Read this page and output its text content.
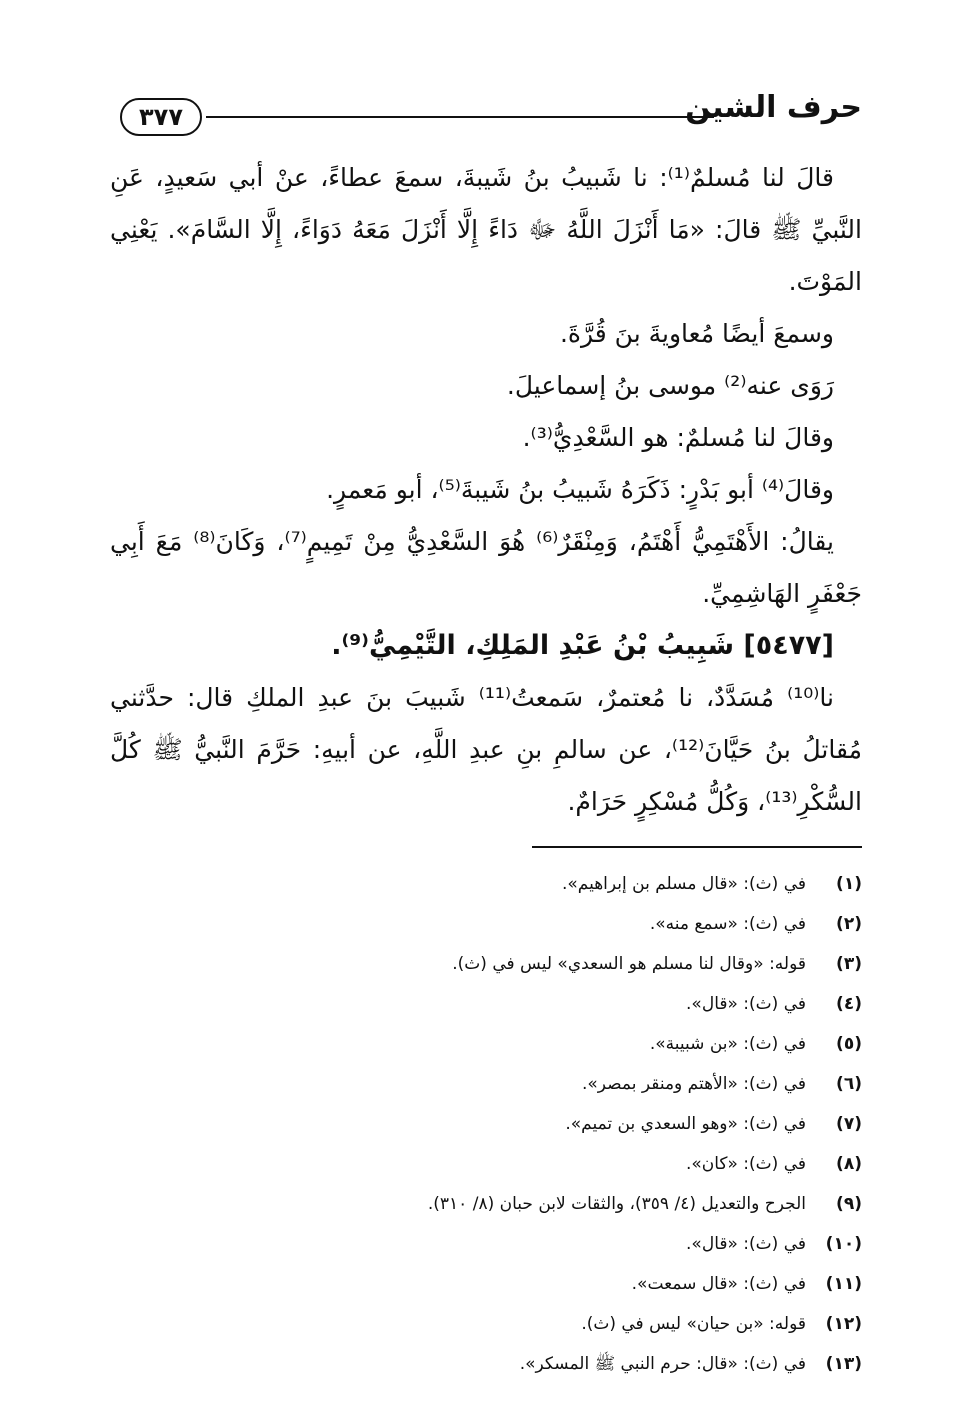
٣٧٧	حرف الشين

قالَ لنا مُسلمٌ⁽¹⁾: نا شَبيبُ بنُ شَيبةَ، سمعَ عطاءً، عنْ أبي سَعيدٍ، عَنِ النَّبيِّ ﷺ قالَ: «مَا أَنْزَلَ اللَّهُ ﷻ دَاءً إِلَّا أَنْزَلَ مَعَهُ دَوَاءً، إِلَّا السَّامَ». يَعْنِي المَوْتَ.

وسمعَ أيضًا مُعاويةَ بنَ قُرَّةَ.

رَوَى عنه⁽²⁾ موسى بنُ إسماعيلَ.

وقالَ لنا مُسلمٌ: هو السَّعْدِيُّ⁽³⁾.

وقالَ⁽⁴⁾ أبو بَدْرٍ: ذَكَرَهُ شَبيبُ بنُ شَيبةَ⁽⁵⁾، أبو مَعمرٍ.

يقالُ: الأَهْتَمِيُّ أَهْتَمُ، وَمِنْقَرٌ⁽⁶⁾ هُوَ السَّعْدِيُّ مِنْ تَمِيمٍ⁽⁷⁾، وَكَانَ⁽⁸⁾ مَعَ أَبِي جَعْفَرٍ الهَاشِمِيِّ.

[٥٤٧٧] شَبِيبُ بْنُ عَبْدِ المَلِكِ، التَّيْمِيُّ⁽⁹⁾.

نا⁽¹⁰⁾ مُسَدَّدٌ، نا مُعتمرٌ، سَمعتُ⁽¹¹⁾ شَبيبَ بنَ عبدِ الملكِ قال: حدَّثني مُقاتلُ بنُ حَيَّانَ⁽¹²⁾، عن سالمِ بنِ عبدِ اللَّهِ، عن أبيهِ: حَرَّمَ النَّبيُّ ﷺ كُلَّ السُّكْرِ⁽¹³⁾، وَكُلُّ مُسْكِرٍ حَرَامٌ.

(١)
في (ث): «قال مسلم بن إبراهيم».
(٢)
في (ث): «سمع منه».
(٣)
قوله: «وقال لنا مسلم هو السعدي» ليس في (ث).
(٤)
في (ث): «قال».
(٥)
في (ث): «بن شبيبة».
(٦)
في (ث): «الأهتم ومنقر بمصر».
(٧)
في (ث): «وهو السعدي بن تميم».
(٨)
في (ث): «كان».
(٩)
الجرح والتعديل (٤/ ٣٥٩)، والثقات لابن حبان (٨/ ٣١٠).
(١٠)
في (ث): «قال».
(١١)
في (ث): «قال سمعت».
(١٢)
قوله: «بن حيان» ليس في (ث).
(١٣)
في (ث): «قال: حرم النبي ﷺ المسكر».
